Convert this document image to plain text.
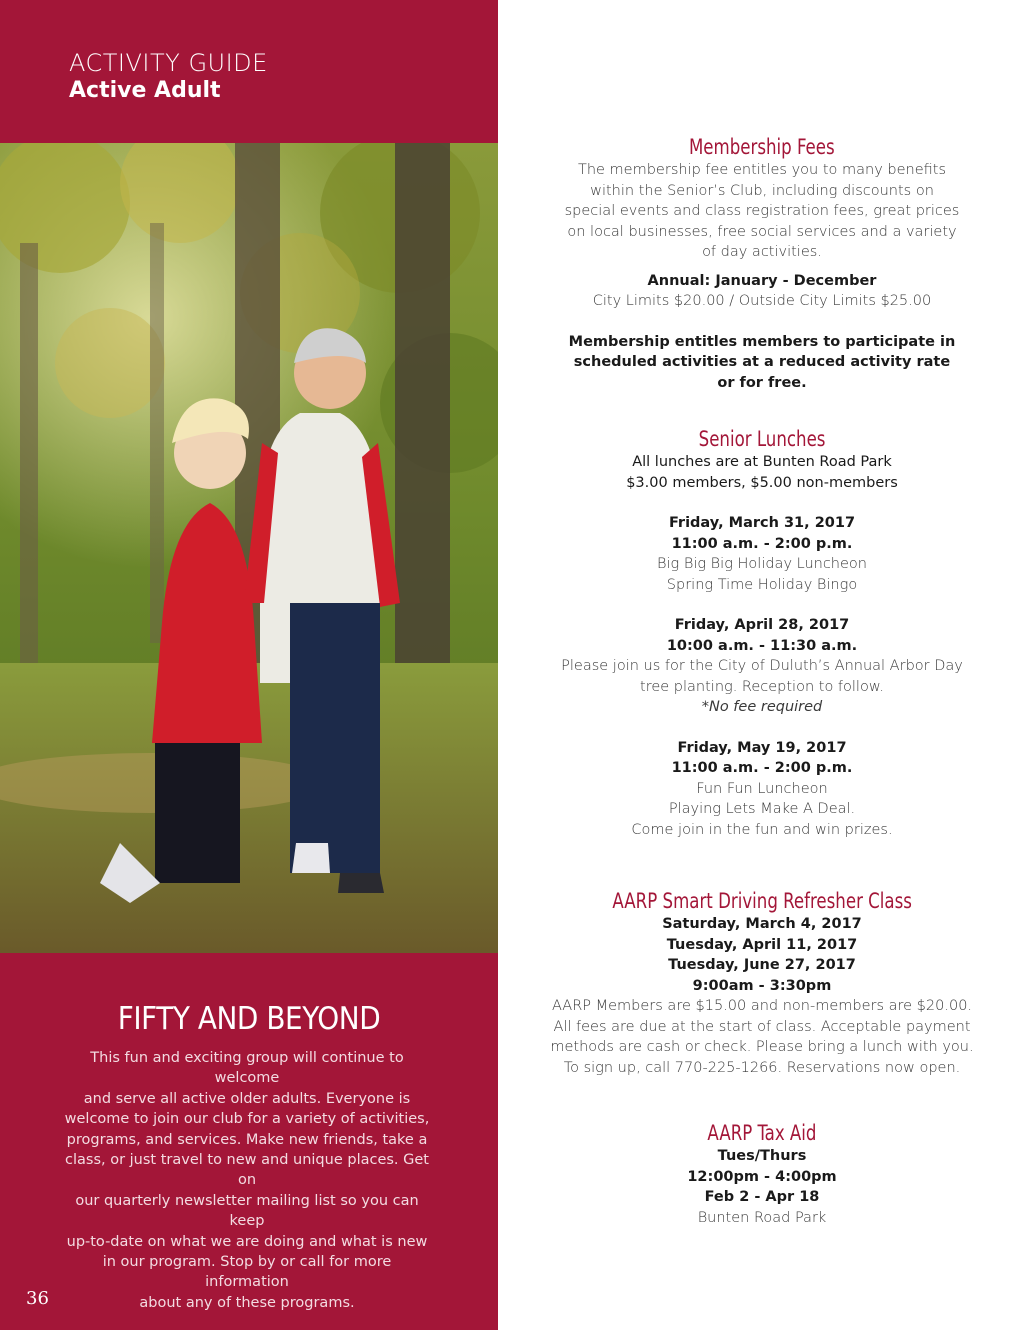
ACTIVITY GUIDE
Active Adult
FIFTY AND BEYOND
This fun and exciting group will continue to welcome
and serve all active older adults. Everyone is
welcome to join our club for a variety of activities,
programs, and services. Make new friends, take a
class, or just travel to new and unique places. Get on
our quarterly newsletter mailing list so you can keep
up-to-date on what we are doing and what is new
in our program. Stop by or call for more information
about any of these programs.
36
Membership Fees
The membership fee entitles you to many benefits
within the Senior’s Club, including discounts on
special events and class registration fees, great prices
on local businesses, free social services and a variety
of day activities.
Annual: January - December
City Limits $20.00 / Outside City Limits $25.00
Membership entitles members to participate in
scheduled activities at a reduced activity rate
or for free.
Senior Lunches
All lunches are at Bunten Road Park
$3.00 members, $5.00 non-members
Friday, March 31, 2017
11:00 a.m. - 2:00 p.m.
Big Big Big Holiday Luncheon
Spring Time Holiday Bingo
Friday, April 28, 2017
10:00 a.m. - 11:30 a.m.
Please join us for the City of Duluth’s Annual Arbor Day
tree planting. Reception to follow.
*No fee required
Friday, May 19, 2017
11:00 a.m. - 2:00 p.m.
Fun Fun Luncheon
Playing Lets Make A Deal.
Come join in the fun and win prizes.
AARP Smart Driving Refresher Class
Saturday, March 4, 2017
Tuesday, April 11, 2017
Tuesday, June 27, 2017
9:00am - 3:30pm
AARP Members are $15.00 and non-members are $20.00.
All fees are due at the start of class. Acceptable payment
methods are cash or check. Please bring a lunch with you.
To sign up, call 770-225-1266. Reservations now open.
AARP Tax Aid
Tues/Thurs
12:00pm - 4:00pm
Feb 2 - Apr 18
Bunten Road Park
